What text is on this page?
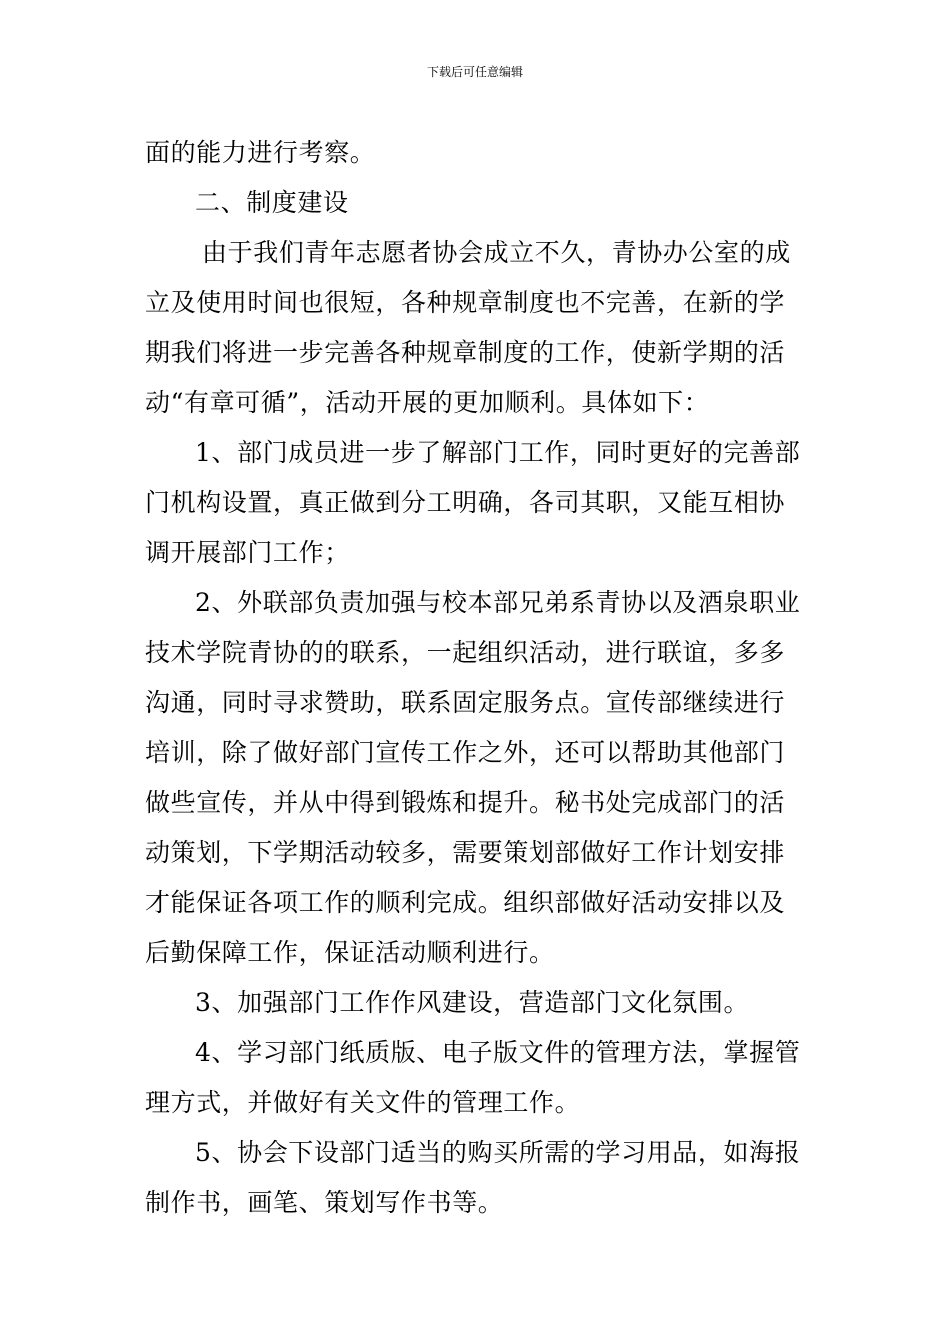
下载后可任意编辑
面的能力进行考察。
二、制度建设
由于我们青年志愿者协会成立不久，青协办公室的成
立及使用时间也很短，各种规章制度也不完善，在新的学
期我们将进一步完善各种规章制度的工作，使新学期的活
动“有章可循”，活动开展的更加顺利。具体如下：
1、部门成员进一步了解部门工作，同时更好的完善部
门机构设置，真正做到分工明确，各司其职，又能互相协
调开展部门工作；
2、外联部负责加强与校本部兄弟系青协以及酒泉职业
技术学院青协的的联系，一起组织活动，进行联谊，多多
沟通，同时寻求赞助，联系固定服务点。宣传部继续进行
培训，除了做好部门宣传工作之外，还可以帮助其他部门
做些宣传，并从中得到锻炼和提升。秘书处完成部门的活
动策划，下学期活动较多，需要策划部做好工作计划安排
才能保证各项工作的顺利完成。组织部做好活动安排以及
后勤保障工作，保证活动顺利进行。
3、加强部门工作作风建设，营造部门文化氛围。
4、学习部门纸质版、电子版文件的管理方法，掌握管
理方式，并做好有关文件的管理工作。
5、协会下设部门适当的购买所需的学习用品，如海报
制作书，画笔、策划写作书等。
